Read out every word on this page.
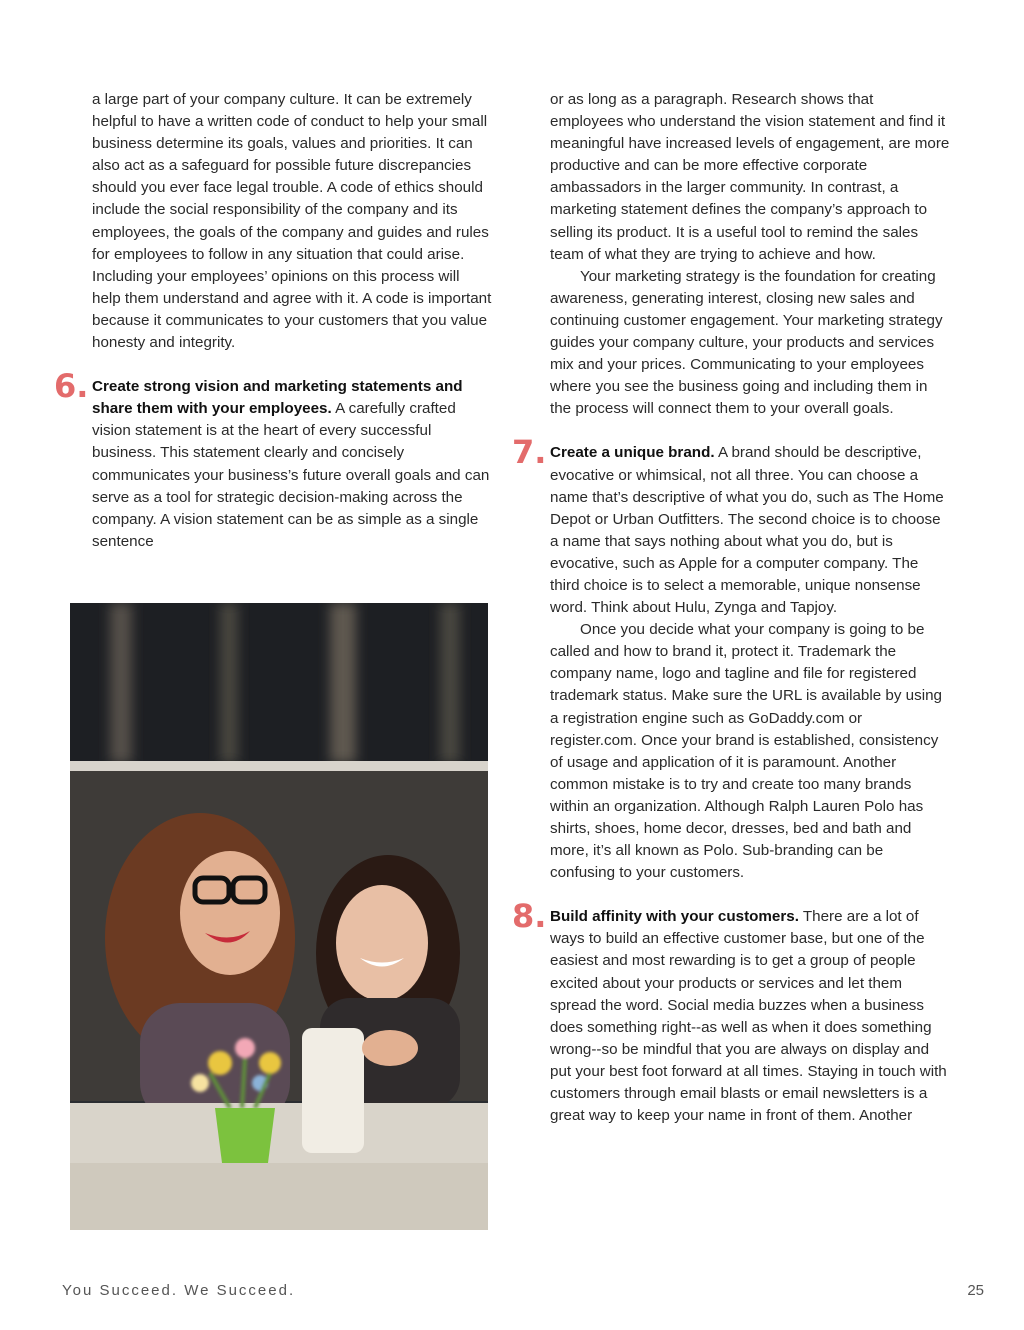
a large part of your company culture. It can be extremely helpful to have a written code of conduct to help your small business determine its goals, values and priorities. It can also act as a safeguard for possible future discrepancies should you ever face legal trouble. A code of ethics should include the social responsibility of the company and its employees, the goals of the company and guides and rules for employees to follow in any situation that could arise. Including your employees’ opinions on this process will help them understand and agree with it. A code is important because it communicates to your customers that you value honesty and integrity.

6. Create strong vision and marketing statements and share them with your employees. A carefully crafted vision statement is at the heart of every successful business. This statement clearly and concisely communicates your business’s future overall goals and can serve as a tool for strategic decision-making across the company. A vision statement can be as simple as a single sentence

or as long as a paragraph. Research shows that employees who understand the vision statement and find it meaningful have increased levels of engagement, are more productive and can be more effective corporate ambassadors in the larger community. In contrast, a marketing statement defines the company’s approach to selling its product. It is a useful tool to remind the sales team of what they are trying to achieve and how.

Your marketing strategy is the foundation for creating awareness, generating interest, closing new sales and continuing customer engagement. Your marketing strategy guides your company culture, your products and services mix and your prices. Communicating to your employees where you see the business going and including them in the process will connect them to your overall goals.

7. Create a unique brand. A brand should be descriptive, evocative or whimsical, not all three. You can choose a name that’s descriptive of what you do, such as The Home Depot or Urban Outfitters. The second choice is to choose a name that says nothing about what you do, but is evocative, such as Apple for a computer company. The third choice is to select a memorable, unique nonsense word. Think about Hulu, Zynga and Tapjoy.

Once you decide what your company is going to be called and how to brand it, protect it. Trademark the company name, logo and tagline and file for registered trademark status. Make sure the URL is available by using a registration engine such as GoDaddy.com or register.com. Once your brand is established, consistency of usage and application of it is paramount. Another common mistake is to try and create too many brands within an organization. Although Ralph Lauren Polo has shirts, shoes, home decor, dresses, bed and bath and more, it’s all known as Polo. Sub-branding can be confusing to your customers.

8. Build affinity with your customers. There are a lot of ways to build an effective customer base, but one of the easiest and most rewarding is to get a group of people excited about your products or services and let them spread the word. Social media buzzes when a business does something right--as well as when it does something wrong--so be mindful that you are always on display and put your best foot forward at all times. Staying in touch with customers through email blasts or email newsletters is a great way to keep your name in front of them. Another

You Succeed. We Succeed.	25
